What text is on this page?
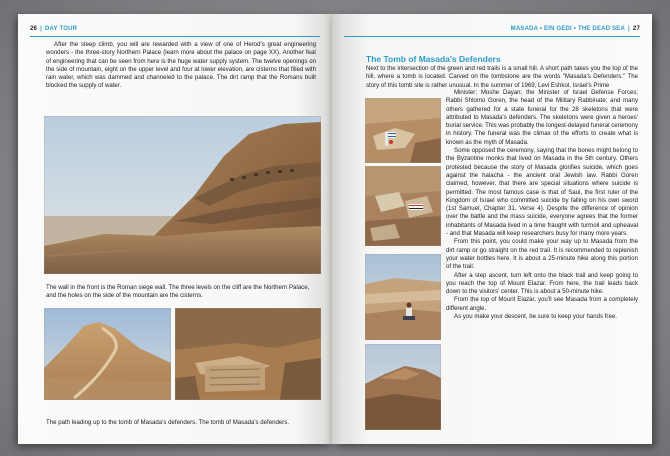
26 | DAY TOUR

After the steep climb, you will are rewarded with a view of one of Herod's great engineering wonders - the three-story Northern Palace (learn more about the palace on page XX). Another feat of engineering that can be seen from here is the huge water supply system. The twelve openings on the side of mountain, eight on the upper level and four at lower elevation, are cisterns that filled with rain water, which was dammed and channeled to the palace. The dirt ramp that the Romans built blocked the supply of water.

The wall in the front is the Roman siege wall. The three levels on the cliff are the Northern Palace, and the holes on the side of the mountain are the cisterns.

The path leading up to the tomb of Masada's defenders. The tomb of Masada's defenders.

MASADA • EIN GEDI • THE DEAD SEA | 27
The Tomb of Masada's Defenders

Next to the intersection of the green and red trails is a small hill. A short path takes you the top of the hill, where a tomb is located. Carved on the tombstone are the words "Masada's Defenders." The story of this tomb site is rather unusual. In the summer of 1969, Levi Eshkol, Israel's Prime

Minister; Moshe Dayan; the Minister of Israel Defense Forces; Rabbi Shlomo Goren, the head of the Military Rabbinate; and many others gathered for a state funeral for the 28 skeletons that were attributed to Masada's defenders. The skeletons were given a heroes' burial service. This was probably the longest-delayed funeral ceremony in history. The funeral was the climax of the efforts to create what is known as the myth of Masada.

Some opposed the ceremony, saying that the bones might belong to the Byzantine monks that lived on Masada in the 5th century. Others protested because the story of Masada glorifies suicide, which goes against the halacha - the ancient oral Jewish law. Rabbi Goren claimed, however, that there are special situations where suicide is permitted. The most famous case is that of Saul, the first ruler of the Kingdom of Israel who committed suicide by falling on his own sword (1st Samuel, Chapter 31, Verse 4). Despite the difference of opinion over the battle and the mass suicide, everyone agrees that the former inhabitants of Masada lived in a time fraught with turmoil and upheaval - and that Masada will keep researchers busy for many more years.

From this point, you could make your way up to Masada from the dirt ramp or go straight on the red trail. It is recommended to replenish your water bottles here. It is about a 25-minute hike along this portion of the trail.

After a step ascent, turn left onto the black trail and keep going to you reach the top of Mount Elazar. From here, the trail leads back down to the visitors' center. This is about a 50-minute hike.

From the top of Mount Elazar, you'll see Masada from a completely different angle.

As you make your descent, be sure to keep your hands free.
